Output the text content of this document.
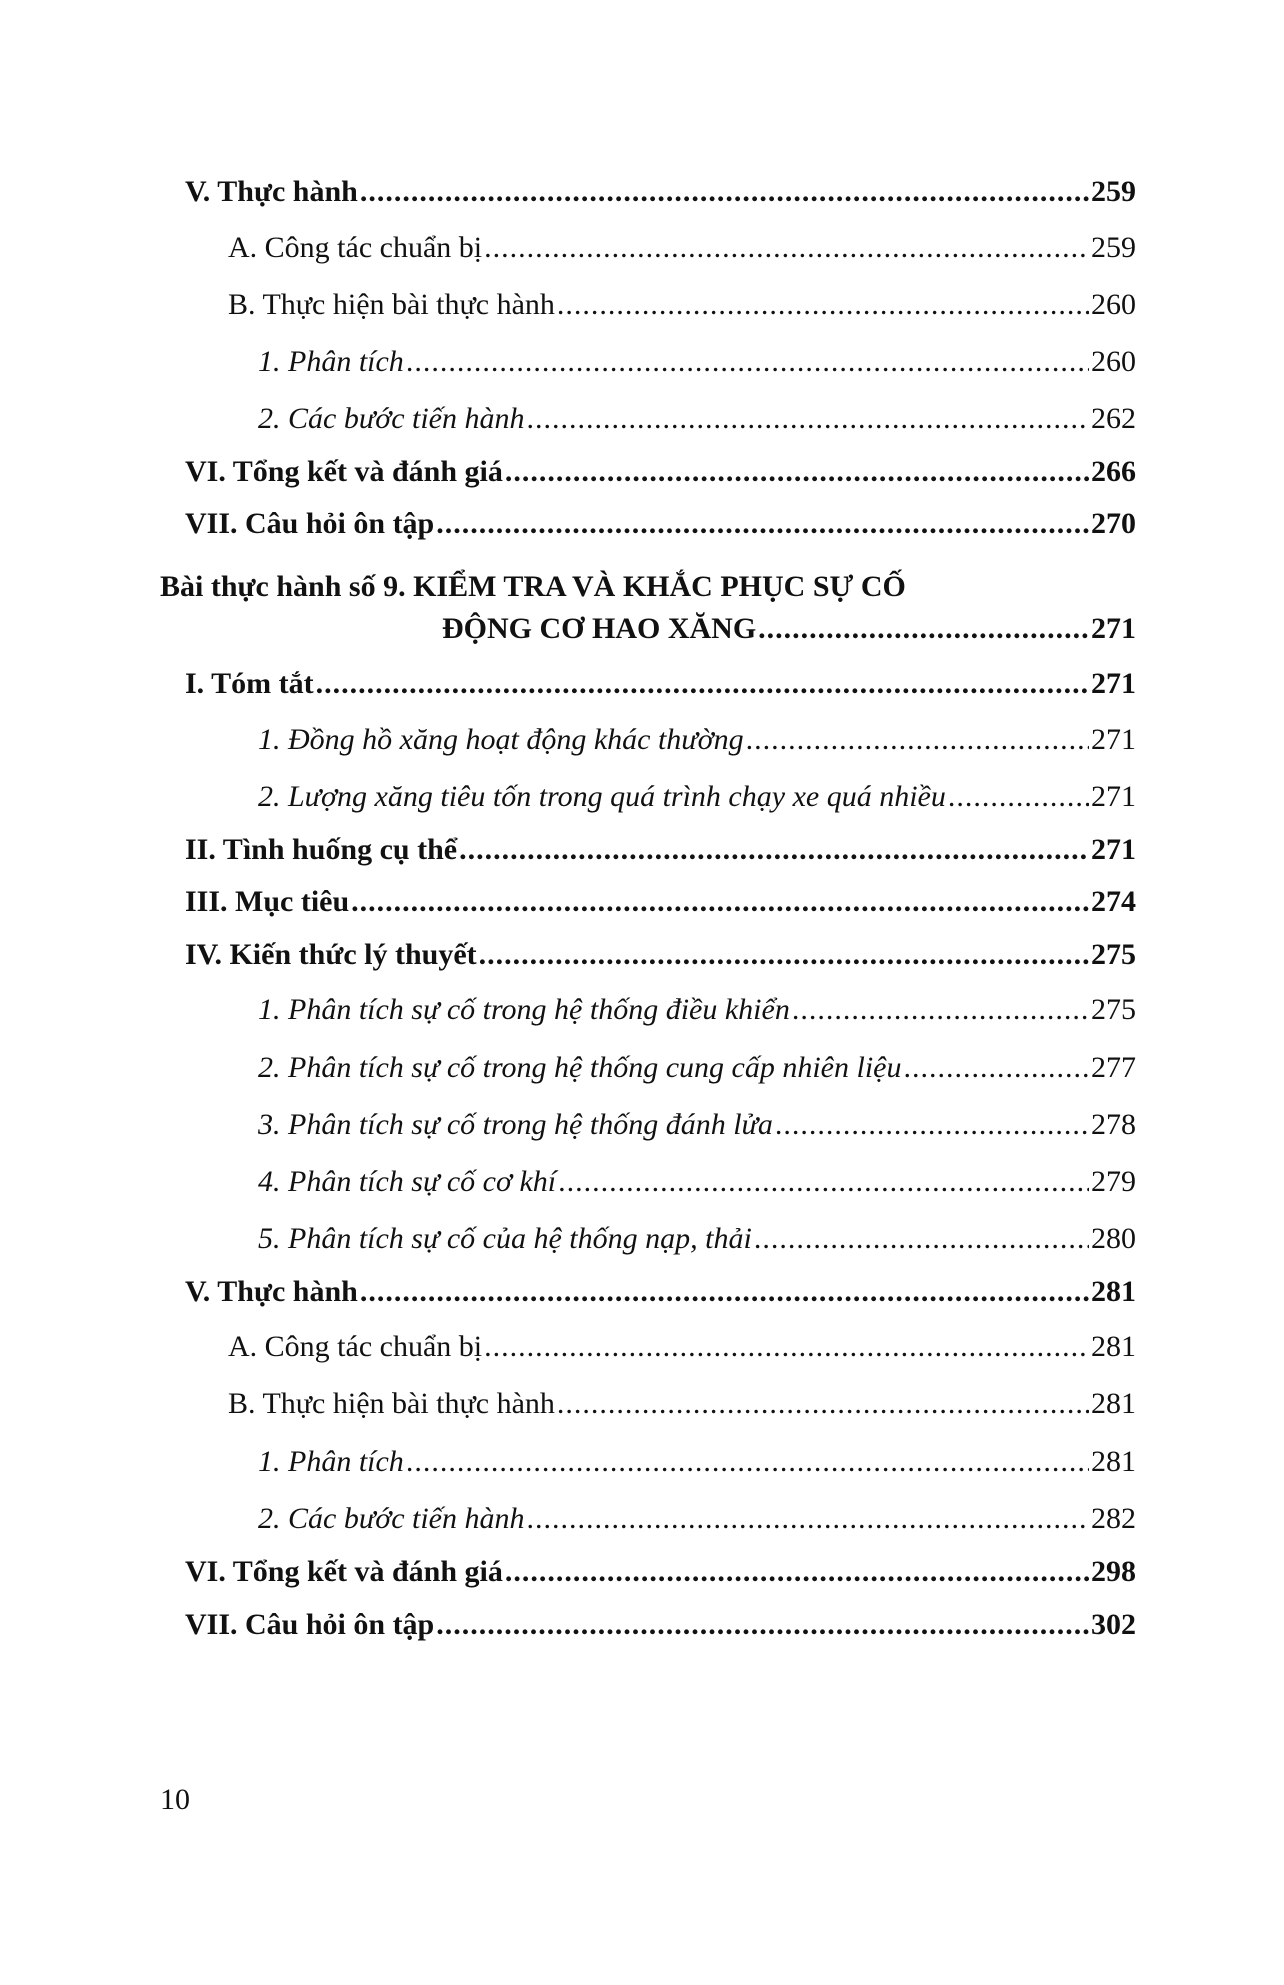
V. Thực hành .....	259
A. Công tác chuẩn bị .....	259
B. Thực hiện bài thực hành .....	260
1. Phân tích .....	260
2. Các bước tiến hành .....	262
VI. Tổng kết và đánh giá .....	266
VII. Câu hỏi ôn tập .....	270
Bài thực hành số 9. KIỂM TRA VÀ KHẮC PHỤC SỰ CỐ
ĐỘNG CƠ HAO XĂNG .....	271
I. Tóm tắt .....	271
1. Đồng hồ xăng hoạt động khác thường .....	271
2. Lượng xăng tiêu tốn trong quá trình chạy xe quá nhiều .....	271
II. Tình huống cụ thể .....	271
III. Mục tiêu .....	274
IV. Kiến thức lý thuyết .....	275
1. Phân tích sự cố trong hệ thống điều khiển .....	275
2. Phân tích sự cố trong hệ thống cung cấp nhiên liệu .....	277
3. Phân tích sự cố trong hệ thống đánh lửa .....	278
4. Phân tích sự cố cơ khí .....	279
5. Phân tích sự cố của hệ thống nạp, thải .....	280
V. Thực hành .....	281
A. Công tác chuẩn bị .....	281
B. Thực hiện bài thực hành .....	281
1. Phân tích .....	281
2. Các bước tiến hành .....	282
VI. Tổng kết và đánh giá .....	298
VII. Câu hỏi ôn tập .....	302
10
